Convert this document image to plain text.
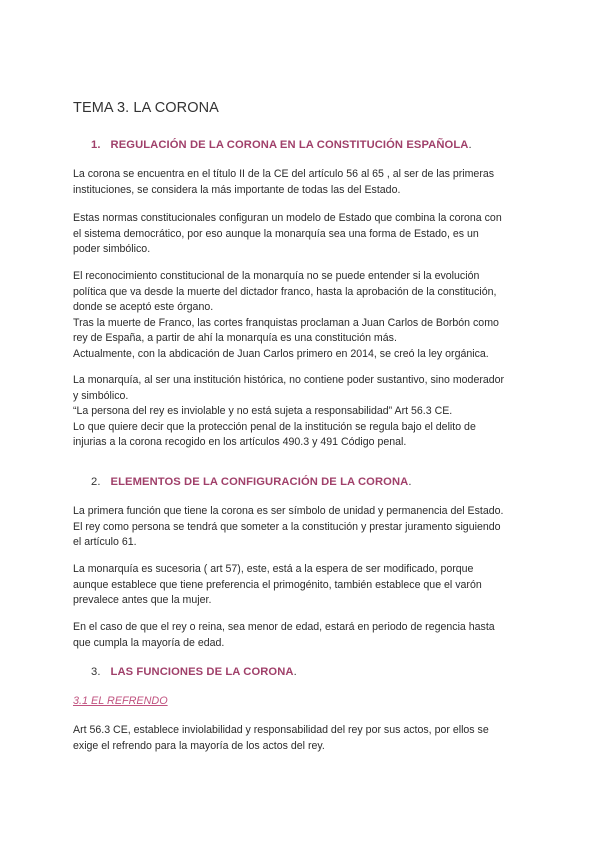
TEMA 3. LA CORONA
1. REGULACIÓN DE LA CORONA EN LA CONSTITUCIÓN ESPAÑOLA.
La corona se encuentra en el título II de la CE del artículo 56 al 65 , al ser de las primeras
instituciones, se considera la más importante de todas las del Estado.
Estas normas constitucionales configuran un modelo de Estado que combina la corona con
el sistema democrático, por eso aunque la monarquía sea una forma de Estado, es un
poder simbólico.
El reconocimiento constitucional de la monarquía no se puede entender si la evolución
política que va desde la muerte del dictador franco, hasta la aprobación de la constitución,
donde se aceptó este órgano.
Tras la muerte de Franco, las cortes franquistas proclaman a Juan Carlos de Borbón como
rey de España, a partir de ahí la monarquía es una constitución más.
Actualmente, con la abdicación de Juan Carlos primero en 2014, se creó la ley orgánica.
La monarquía, al ser una institución histórica, no contiene poder sustantivo, sino moderador
y simbólico.
“La persona del rey es inviolable y no está sujeta a responsabilidad” Art 56.3 CE.
Lo que quiere decir que la protección penal de la institución se regula bajo el delito de
injurias a la corona recogido en los artículos 490.3 y 491 Código penal.
2. ELEMENTOS DE LA CONFIGURACIÓN DE LA CORONA.
La primera función que tiene la corona es ser símbolo de unidad y permanencia del Estado.
El rey como persona se tendrá que someter a la constitución y prestar juramento siguiendo
el artículo 61.
La monarquía es sucesoria ( art 57), este, está a la espera de ser modificado, porque
aunque establece que tiene preferencia el primogénito, también establece que el varón
prevalece antes que la mujer.
En el caso de que el rey o reina, sea menor de edad, estará en periodo de regencia hasta
que cumpla la mayoría de edad.
3. LAS FUNCIONES DE LA CORONA.
3.1 EL REFRENDO
Art 56.3 CE, establece inviolabilidad y responsabilidad del rey por sus actos, por ellos se
exige el refrendo para la mayoría de los actos del rey.
